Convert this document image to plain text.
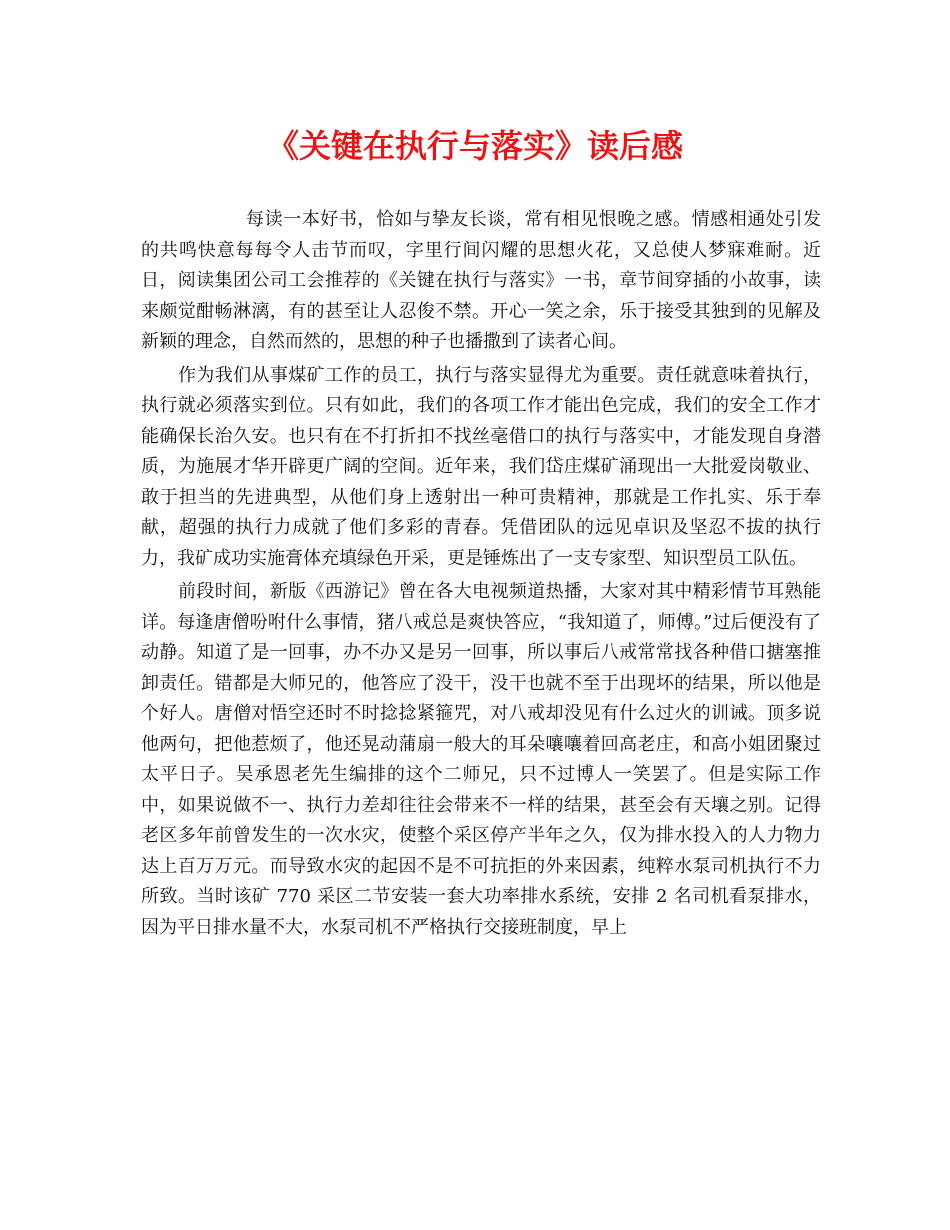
《关键在执行与落实》读后感

每读一本好书，恰如与挚友长谈，常有相见恨晚之感。情感相通处引发的共鸣快意每每令人击节而叹，字里行间闪耀的思想火花，又总使人梦寐难耐。近日，阅读集团公司工会推荐的《关键在执行与落实》一书，章节间穿插的小故事，读来颇觉酣畅淋漓，有的甚至让人忍俊不禁。开心一笑之余，乐于接受其独到的见解及新颖的理念，自然而然的，思想的种子也播撒到了读者心间。

作为我们从事煤矿工作的员工，执行与落实显得尤为重要。责任就意味着执行，执行就必须落实到位。只有如此，我们的各项工作才能出色完成，我们的安全工作才能确保长治久安。也只有在不打折扣不找丝毫借口的执行与落实中，才能发现自身潜质，为施展才华开辟更广阔的空间。近年来，我们岱庄煤矿涌现出一大批爱岗敬业、敢于担当的先进典型，从他们身上透射出一种可贵精神，那就是工作扎实、乐于奉献，超强的执行力成就了他们多彩的青春。凭借团队的远见卓识及坚忍不拔的执行力，我矿成功实施膏体充填绿色开采，更是锤炼出了一支专家型、知识型员工队伍。

前段时间，新版《西游记》曾在各大电视频道热播，大家对其中精彩情节耳熟能详。每逢唐僧吩咐什么事情，猪八戒总是爽快答应，“我知道了，师傅。”过后便没有了动静。知道了是一回事，办不办又是另一回事，所以事后八戒常常找各种借口搪塞推卸责任。错都是大师兄的，他答应了没干，没干也就不至于出现坏的结果，所以他是个好人。唐僧对悟空还时不时捻捻紧箍咒，对八戒却没见有什么过火的训诫。顶多说他两句，把他惹烦了，他还晃动蒲扇一般大的耳朵嚷嚷着回高老庄，和高小姐团聚过太平日子。吴承恩老先生编排的这个二师兄，只不过博人一笑罢了。但是实际工作中，如果说做不一、执行力差却往往会带来不一样的结果，甚至会有天壤之别。记得老区多年前曾发生的一次水灾，使整个采区停产半年之久，仅为排水投入的人力物力达上百万万元。而导致水灾的起因不是不可抗拒的外来因素，纯粹水泵司机执行不力所致。当时该矿 770 采区二节安装一套大功率排水系统，安排 2 名司机看泵排水，因为平日排水量不大，水泵司机不严格执行交接班制度，早上
